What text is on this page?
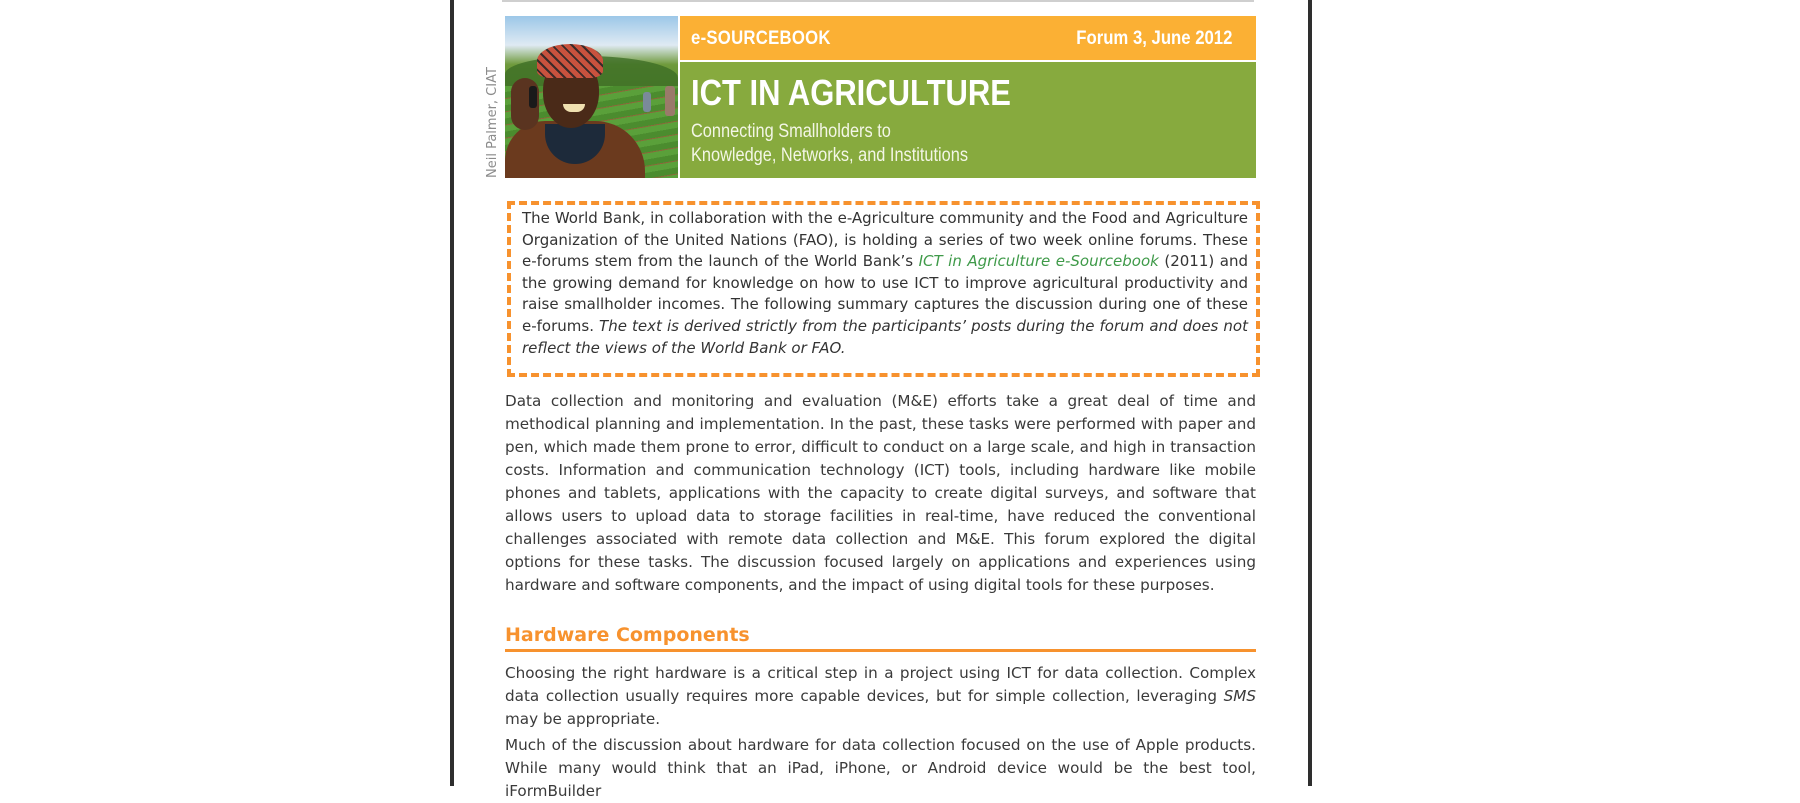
Neil Palmer, CIAT
e-SOURCEBOOK	Forum 3, June 2012
ICT IN AGRICULTURE
Connecting Smallholders to
Knowledge, Networks, and Institutions
The World Bank, in collaboration with the e-Agriculture community and the Food and Agriculture Organization of the United Nations (FAO), is holding a series of two week online forums. These e-forums stem from the launch of the World Bank’s ICT in Agriculture e-Sourcebook (2011) and the growing demand for knowledge on how to use ICT to improve agricultural productivity and raise smallholder incomes. The following summary captures the discussion during one of these e-forums. The text is derived strictly from the participants’ posts during the forum and does not reflect the views of the World Bank or FAO.

Data collection and monitoring and evaluation (M&E) efforts take a great deal of time and methodical planning and implementation. In the past, these tasks were performed with paper and pen, which made them prone to error, difficult to conduct on a large scale, and high in transaction costs. Information and communication technology (ICT) tools, including hardware like mobile phones and tablets, applications with the capacity to create digital surveys, and software that allows users to upload data to storage facilities in real-time, have reduced the conventional challenges associated with remote data collection and M&E. This forum explored the digital options for these tasks. The discussion focused largely on applications and experiences using hardware and software components, and the impact of using digital tools for these purposes.

Hardware Components

Choosing the right hardware is a critical step in a project using ICT for data collection. Complex data collection usually requires more capable devices, but for simple collection, leveraging SMS may be appropriate.

Much of the discussion about hardware for data collection focused on the use of Apple products. While many would think that an iPad, iPhone, or Android device would be the best tool, iFormBuilder
